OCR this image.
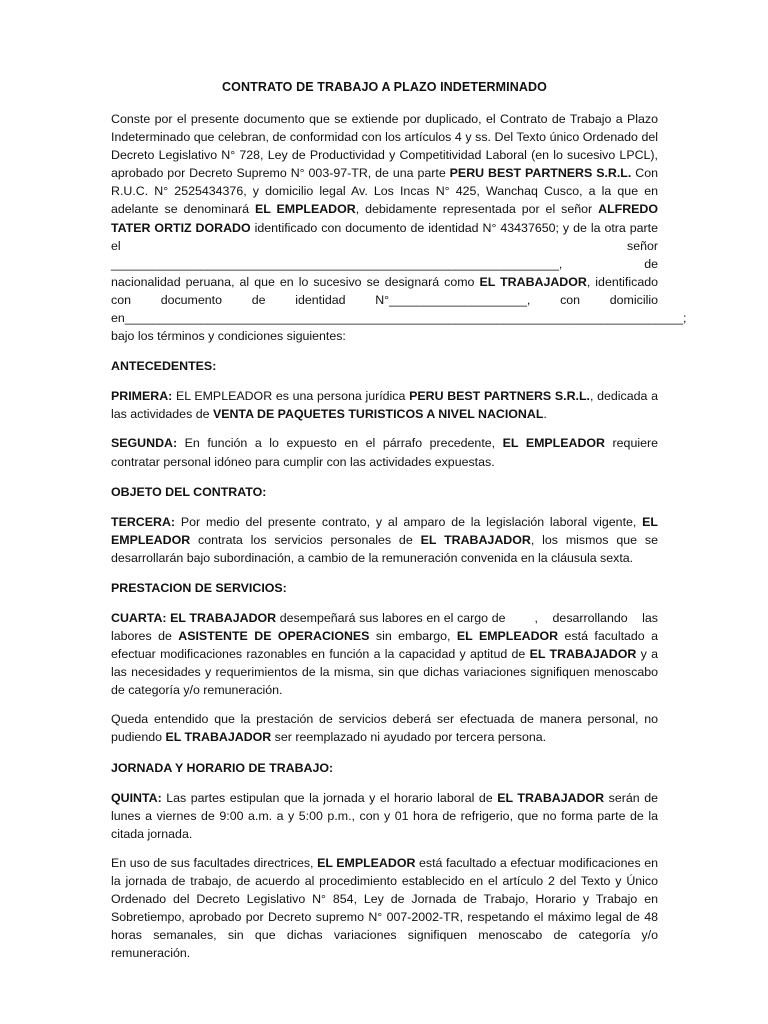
CONTRATO DE TRABAJO A PLAZO INDETERMINADO

Conste por el presente documento que se extiende por duplicado, el Contrato de Trabajo a Plazo Indeterminado que celebran, de conformidad con los artículos 4 y ss. Del Texto único Ordenado del Decreto Legislativo N° 728, Ley de Productividad y Competitividad Laboral (en lo sucesivo LPCL), aprobado por Decreto Supremo N° 003-97-TR, de una parte PERU BEST PARTNERS S.R.L. Con R.U.C. N° 2525434376, y domicilio legal Av. Los Incas N° 425, Wanchaq Cusco, a la que en adelante se denominará EL EMPLEADOR, debidamente representada por el señor ALFREDO TATER ORTIZ DORADO identificado con documento de identidad N° 43437650; y de la otra parte el señor _________________________________________________________________,	de

nacionalidad peruana, al que en lo sucesivo se designará como EL TRABAJADOR, identificado

con documento de identidad N°____________________, con domicilio

en_________________________________________________________________________________;

bajo los términos y condiciones siguientes:

ANTECEDENTES:

PRIMERA: EL EMPLEADOR es una persona jurídica PERU BEST PARTNERS S.R.L., dedicada a las actividades de VENTA DE PAQUETES TURISTICOS A NIVEL NACIONAL.

SEGUNDA: En función a lo expuesto en el párrafo precedente, EL EMPLEADOR requiere contratar personal idóneo para cumplir con las actividades expuestas.

OBJETO DEL CONTRATO:

TERCERA: Por medio del presente contrato, y al amparo de la legislación laboral vigente, EL EMPLEADOR contrata los servicios personales de EL TRABAJADOR, los mismos que se desarrollarán bajo subordinación, a cambio de la remuneración convenida en la cláusula sexta.

PRESTACION DE SERVICIOS:

CUARTA: EL TRABAJADOR desempeñará sus labores en el cargo de        ,    desarrollando    las labores de ASISTENTE DE OPERACIONES sin embargo, EL EMPLEADOR está facultado a efectuar modificaciones razonables en función a la capacidad y aptitud de EL TRABAJADOR y a las necesidades y requerimientos de la misma, sin que dichas variaciones signifiquen menoscabo de categoría y/o remuneración.

Queda entendido que la prestación de servicios deberá ser efectuada de manera personal, no pudiendo EL TRABAJADOR ser reemplazado ni ayudado por tercera persona.

JORNADA Y HORARIO DE TRABAJO:

QUINTA: Las partes estipulan que la jornada y el horario laboral de EL TRABAJADOR serán de lunes a viernes de 9:00 a.m. a y 5:00 p.m., con y 01 hora de refrigerio, que no forma parte de la citada jornada.

En uso de sus facultades directrices, EL EMPLEADOR está facultado a efectuar modificaciones en la jornada de trabajo, de acuerdo al procedimiento establecido en el artículo 2 del Texto y Único Ordenado del Decreto Legislativo N° 854, Ley de Jornada de Trabajo, Horario y Trabajo en Sobretiempo, aprobado por Decreto supremo N° 007-2002-TR, respetando el máximo legal de 48 horas semanales, sin que dichas variaciones signifiquen menoscabo de categoría y/o remuneración.
